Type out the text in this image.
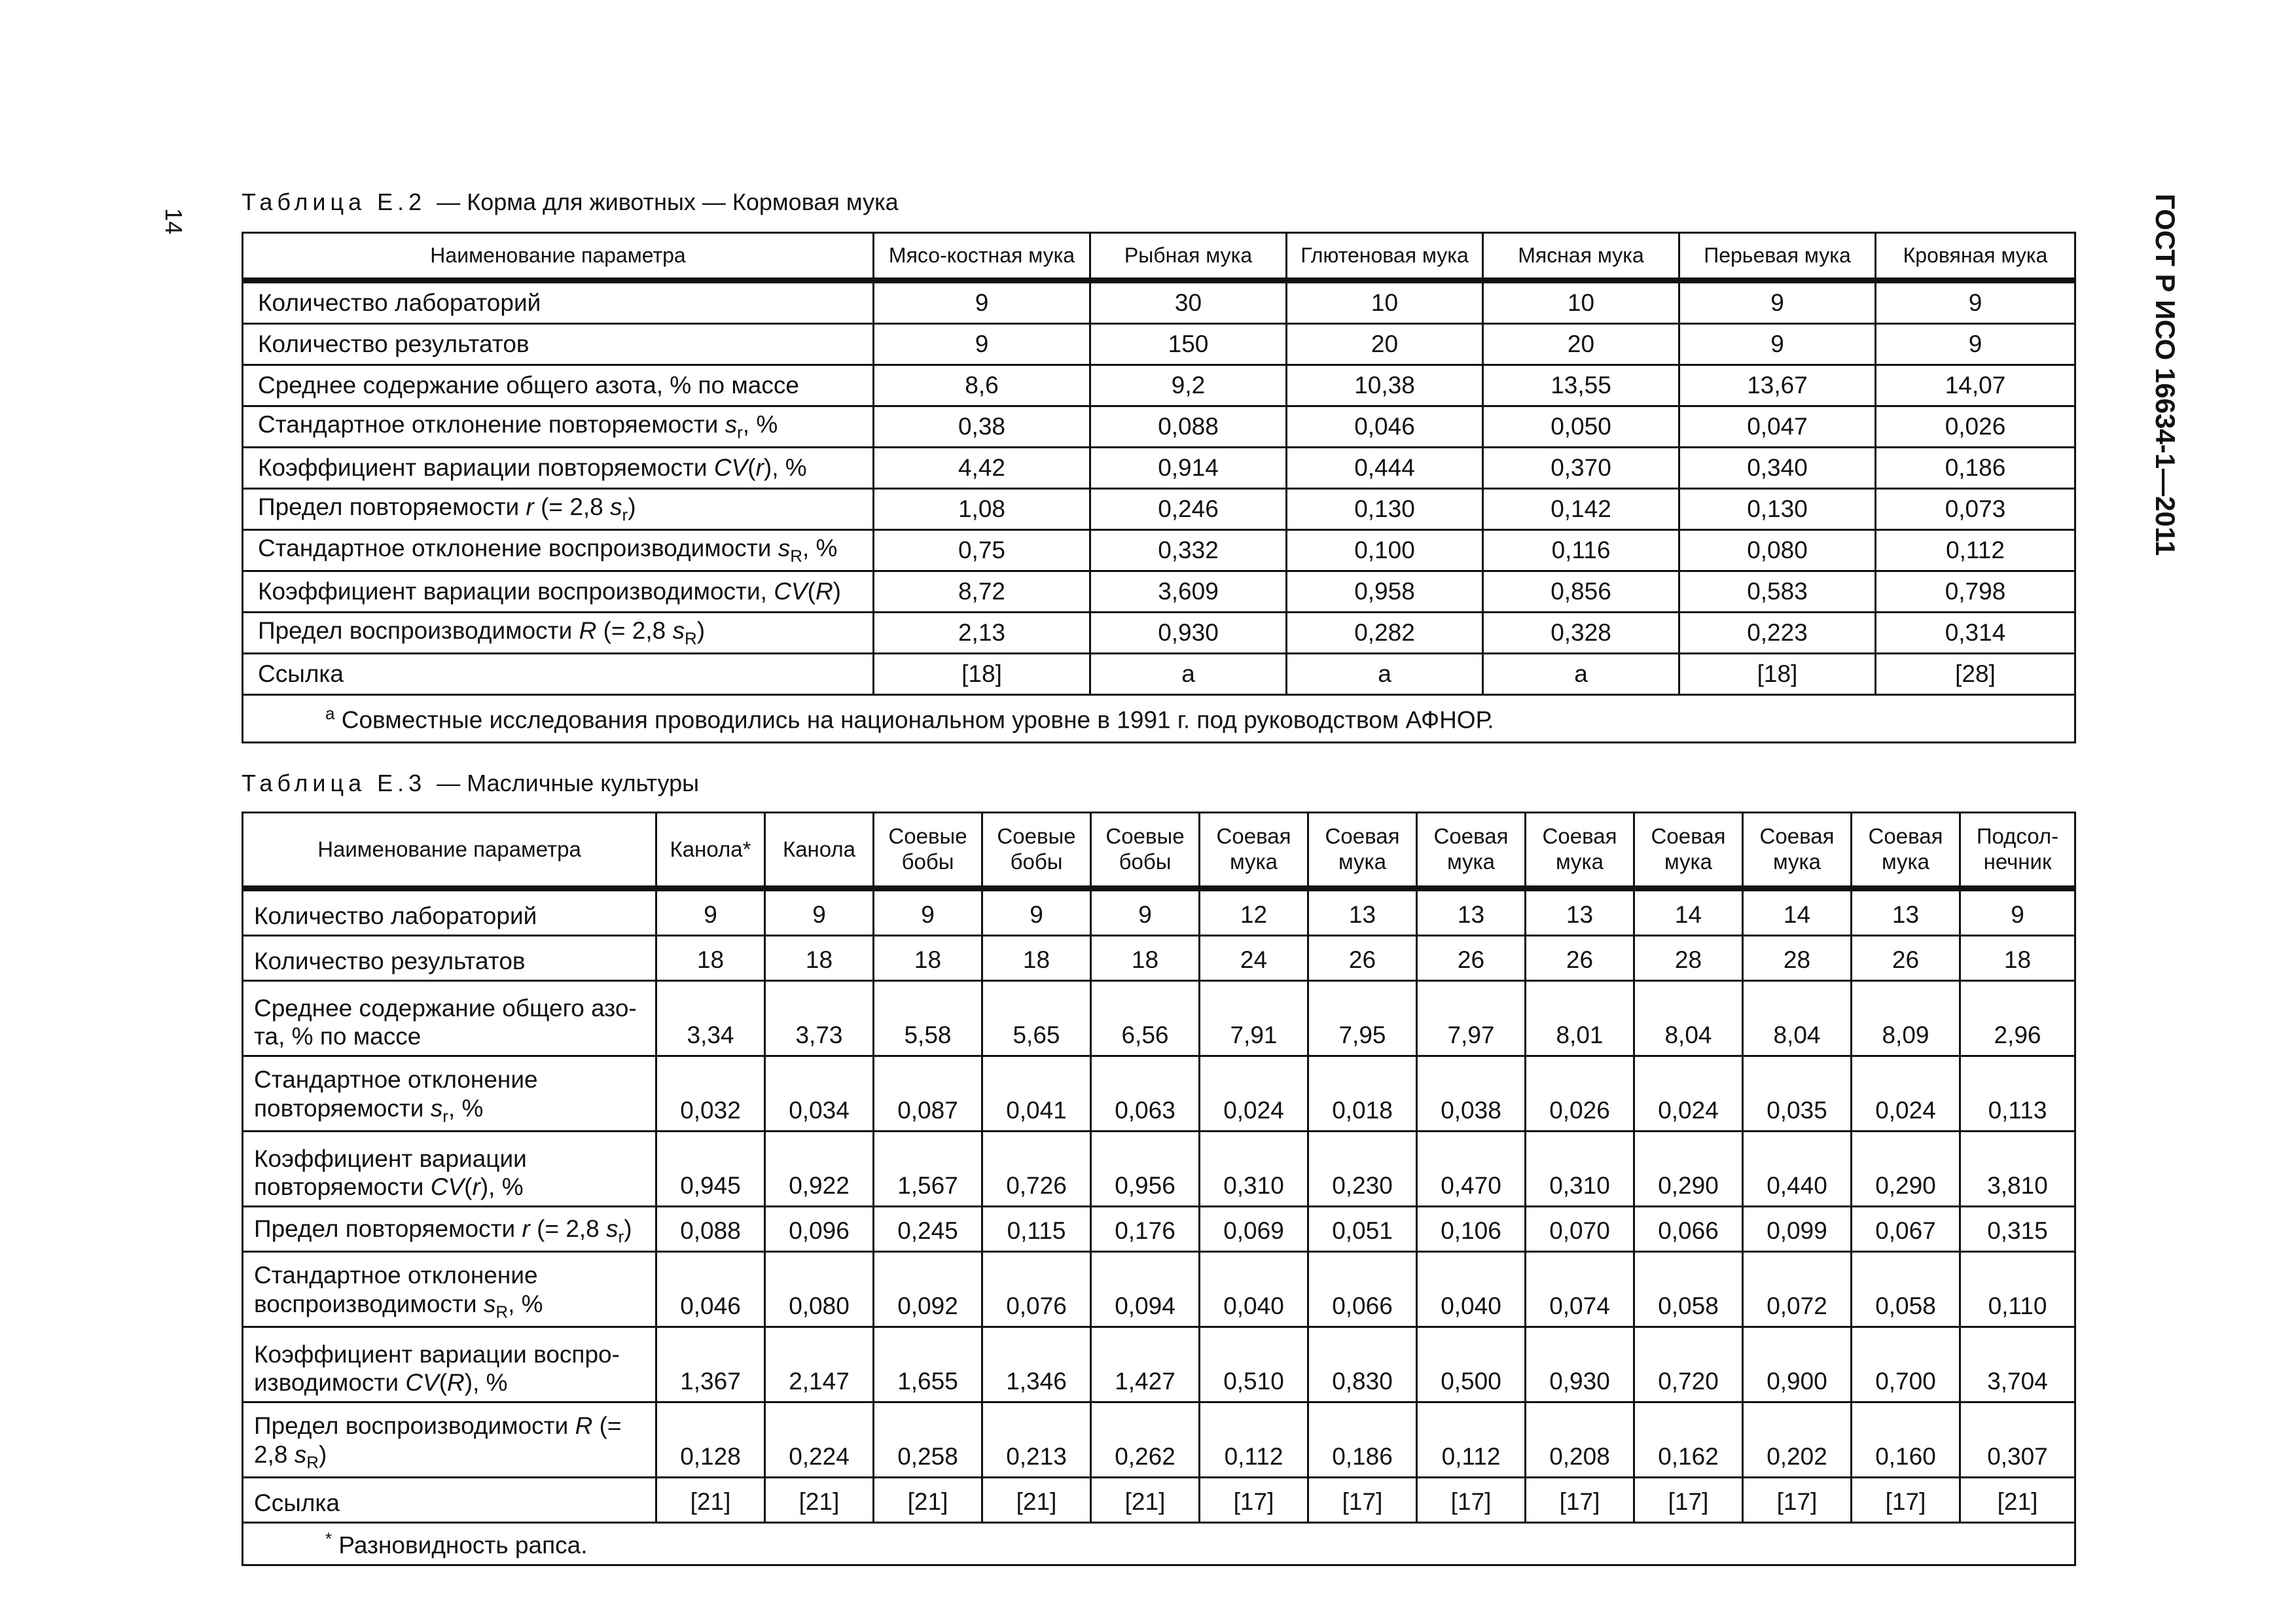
14	ГОСТ Р ИСО 16634-1—2011
Таблица Е.2 — Корма для животных — Кормовая мука
Наименование параметра	Мясо-костная мука	Рыбная мука	Глютеновая мука	Мясная мука	Перьевая мука	Кровяная мука
Количество лабораторий	9	30	10	10	9	9
Количество результатов	9	150	20	20	9	9
Среднее содержание общего азота, % по массе	8,6	9,2	10,38	13,55	13,67	14,07
Стандартное отклонение повторяемости $s_r$, %	0,38	0,088	0,046	0,050	0,047	0,026
Коэффициент вариации повторяемости CV(r), %	4,42	0,914	0,444	0,370	0,340	0,186
Предел повторяемости r (= 2,8 $s_r$)	1,08	0,246	0,130	0,142	0,130	0,073
Стандартное отклонение воспроизводимости $s_R$, %	0,75	0,332	0,100	0,116	0,080	0,112
Коэффициент вариации воспроизводимости, CV(R)	8,72	3,609	0,958	0,856	0,583	0,798
Предел воспроизводимости R (= 2,8 $s_R$)	2,13	0,930	0,282	0,328	0,223	0,314
Ссылка	[18]	a	a	a	[18]	[28]
$^a$ Совместные исследования проводились на национальном уровне в 1991 г. под руководством АФНОР.						
Таблица Е.3 — Масличные культуры
Наименование параметра	Канола*	Канола	Соевые бобы	Соевые бобы	Соевые бобы	Соевая мука	Соевая мука	Соевая мука	Соевая мука	Соевая мука	Соевая мука	Соевая мука	Подсол-нечник
Количество лабораторий	9	9	9	9	9	12	13	13	13	14	14	13	9
Количество результатов	18	18	18	18	18	24	26	26	26	28	28	26	18
Среднее содержание общего азо-та, % по массе	3,34	3,73	5,58	5,65	6,56	7,91	7,95	7,97	8,01	8,04	8,04	8,09	2,96
Стандартное отклонение повторяемости $s_r$, %	0,032	0,034	0,087	0,041	0,063	0,024	0,018	0,038	0,026	0,024	0,035	0,024	0,113
Коэффициент вариации повторяемости CV(r), %	0,945	0,922	1,567	0,726	0,956	0,310	0,230	0,470	0,310	0,290	0,440	0,290	3,810
Предел повторяемости r (= 2,8 $s_r$)	0,088	0,096	0,245	0,115	0,176	0,069	0,051	0,106	0,070	0,066	0,099	0,067	0,315
Стандартное отклонение воспроизводимости $s_R$, %	0,046	0,080	0,092	0,076	0,094	0,040	0,066	0,040	0,074	0,058	0,072	0,058	0,110
Коэффициент вариации воспро-изводимости CV(R), %	1,367	2,147	1,655	1,346	1,427	0,510	0,830	0,500	0,930	0,720	0,900	0,700	3,704
Предел воспроизводимости R (= 2,8 $s_R$)	0,128	0,224	0,258	0,213	0,262	0,112	0,186	0,112	0,208	0,162	0,202	0,160	0,307
Ссылка	[21]	[21]	[21]	[21]	[21]	[17]	[17]	[17]	[17]	[17]	[17]	[17]	[21]
* Разновидность рапса.													
